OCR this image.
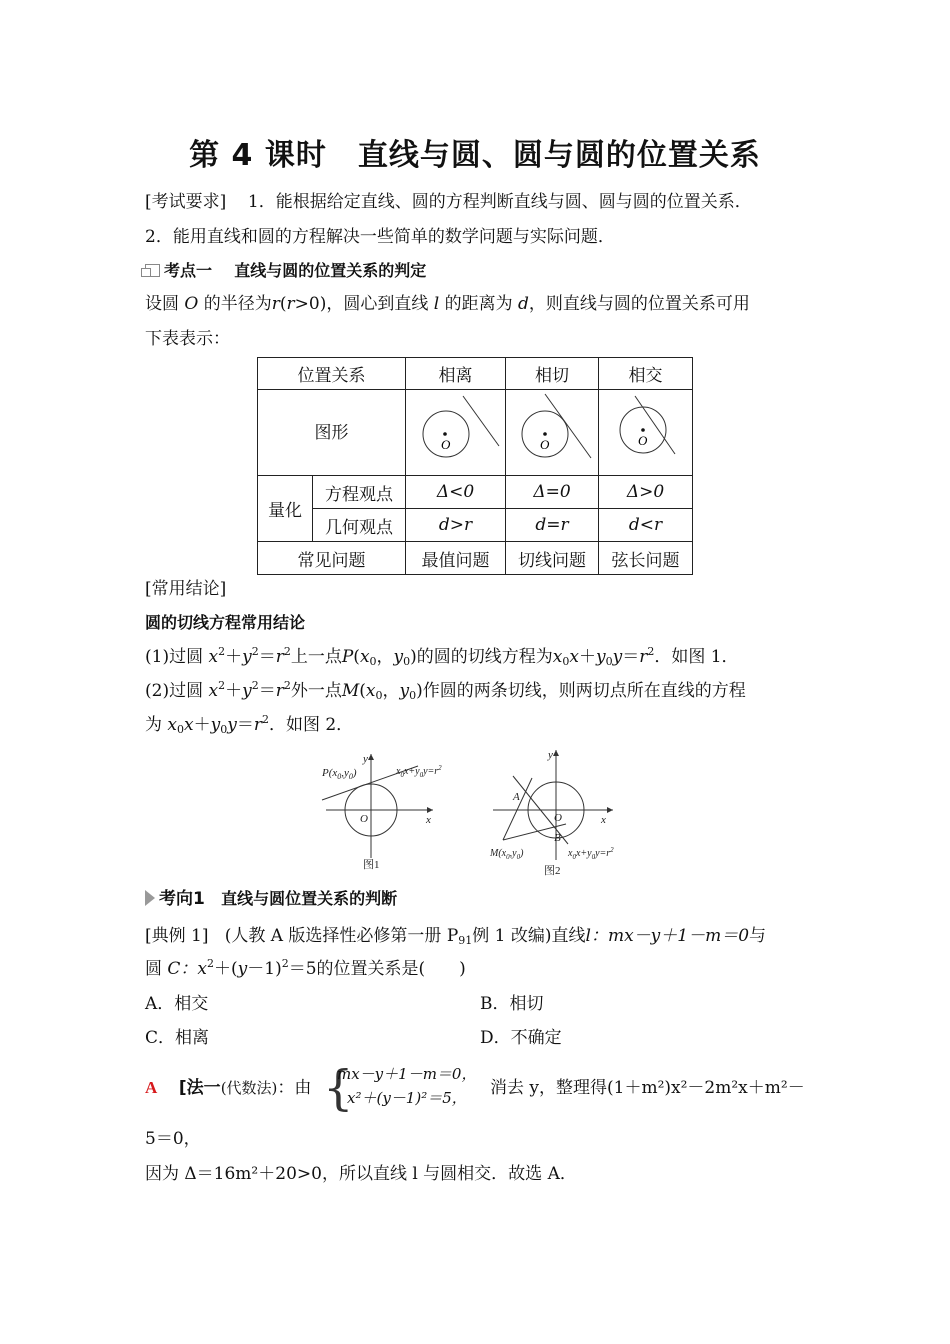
第 4 课时　直线与圆、圆与圆的位置关系
[考试要求] 1．能根据给定直线、圆的方程判断直线与圆、圆与圆的位置关系．
2．能用直线和圆的方程解决一些简单的数学问题与实际问题．
考点一 直线与圆的位置关系的判定
设圆 O 的半径为r(r>0)，圆心到直线 l 的距离为 d，则直线与圆的位置关系可用
下表表示：
位置关系		相离	相切	相交
图形		O	O	O

量化	方程观点	Δ<0	Δ=0	Δ>0
	几何观点	d>r	d=r	d<r
常见问题		最值问题	切线问题	弦长问题
[常用结论]
圆的切线方程常用结论
(1)过圆 $x^2+y^2=r^2$上一点$P(x_0$，$y_0$)的圆的切线方程为$x_0x+y_0y=r^2$．如图 1．
(2)过圆 $x^2+y^2=r^2$外一点$M(x_0$，$y_0$)作圆的两条切线，则两切点所在直线的方程
为 $x_0x+y_0y=r^2$．如图 2．
y
x
O
$P(x_0,y_0)$	$x_0x+y_0y=r^2$
图1
y
x
O
A
B
$M(x_0,y_0)$	$x_0x+y_0y=r^2$
图2
考向1 直线与圆位置关系的判断
[典例 1] (人教 A 版选择性必修第一册 $P_{91}$例 1 改编)直线l：mx－y＋1－m＝0与
圆 C：$x^2+(y-1)^2=5$的位置关系是(　　)
A．相交	B．相切
C．相离	D．不确定
A [法一(代数法)：由 {
mx－y＋1－m＝0，
x²＋(y－1)²＝5，	消去 y，整理得(1＋m²)x²－2m²x＋m²－
5＝0，
因为 Δ＝16m²＋20>0，所以直线 l 与圆相交．故选 A．
